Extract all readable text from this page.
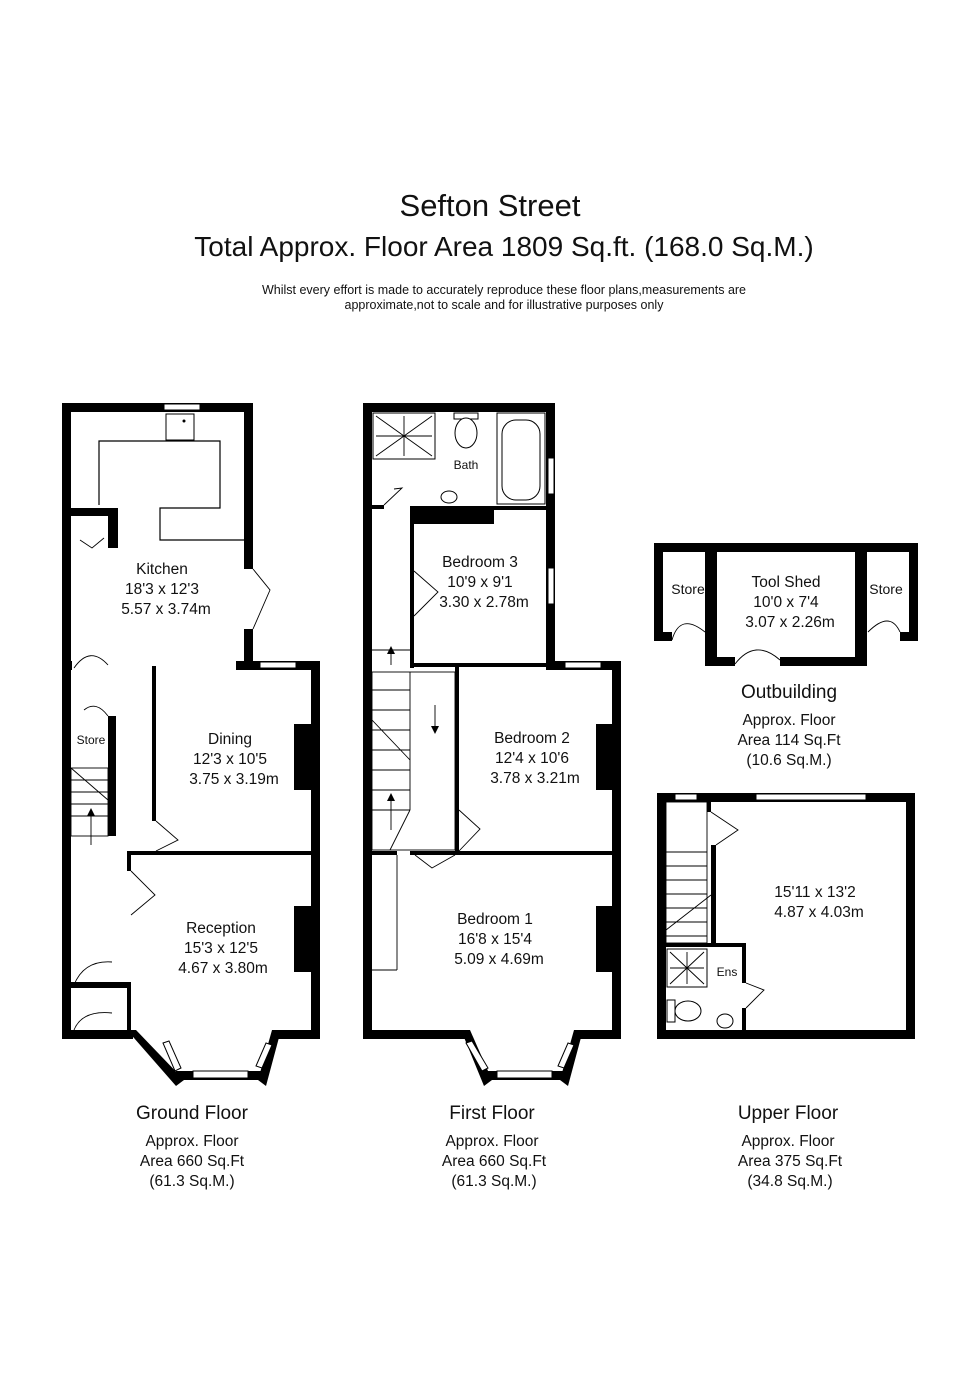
Sefton Street
Total Approx. Floor Area 1809 Sq.ft. (168.0 Sq.M.)
Whilst every effort is made to accurately reproduce these floor plans,measurements are
approximate,not to scale and for illustrative purposes only
Kitchen
18'3 x 12'3
5.57 x 3.74m
Dining
12'3 x 10'5
3.75 x 3.19m
Store
Reception
15'3 x 12'5
4.67 x 3.80m
Ground Floor
Approx. Floor
Area 660 Sq.Ft
(61.3 Sq.M.)
Bath
Bedroom 3
10'9 x 9'1
3.30 x 2.78m
Bedroom 2
12'4 x 10'6
3.78 x 3.21m
Bedroom 1
16'8 x 15'4
5.09 x 4.69m
First Floor
Approx. Floor
Area 660 Sq.Ft
(61.3 Sq.M.)
Store	Store
Tool Shed
10'0 x 7'4
3.07 x 2.26m
Outbuilding
Approx. Floor
Area 114 Sq.Ft
(10.6 Sq.M.)
Ens
15'11 x 13'2
4.87 x 4.03m
Upper Floor
Approx. Floor
Area 375 Sq.Ft
(34.8 Sq.M.)
